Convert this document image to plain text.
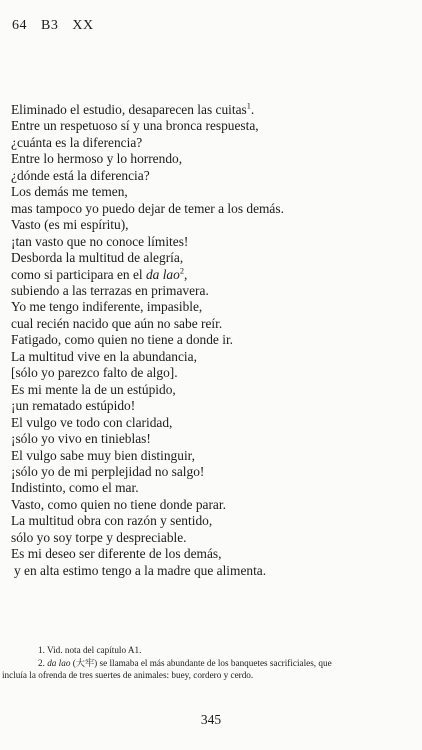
64 B3 XX
Eliminado el estudio, desaparecen las cuitas$^1$.
Entre un respetuoso sí y una bronca respuesta,
¿cuánta es la diferencia?
Entre lo hermoso y lo horrendo,
¿dónde está la diferencia?
Los demás me temen,
mas tampoco yo puedo dejar de temer a los demás.
Vasto (es mi espíritu),
¡tan vasto que no conoce límites!
Desborda la multitud de alegría,
como si participara en el da lao$^2$,
subiendo a las terrazas en primavera.
Yo me tengo indiferente, impasible,
cual recién nacido que aún no sabe reír.
Fatigado, como quien no tiene a donde ir.
La multitud vive en la abundancia,
[sólo yo parezco falto de algo].
Es mi mente la de un estúpido,
¡un rematado estúpido!
El vulgo ve todo con claridad,
¡sólo yo vivo en tinieblas!
El vulgo sabe muy bien distinguir,
¡sólo yo de mi perplejidad no salgo!
Indistinto, como el mar.
Vasto, como quien no tiene donde parar.
La multitud obra con razón y sentido,
sólo yo soy torpe y despreciable.
Es mi deseo ser diferente de los demás,
y en alta estimo tengo a la madre que alimenta.
1. Vid. nota del capítulo A1.
2. da lao (大牢) se llamaba el más abundante de los banquetes sacrificiales, que
incluía la ofrenda de tres suertes de animales: buey, cordero y cerdo.
345
